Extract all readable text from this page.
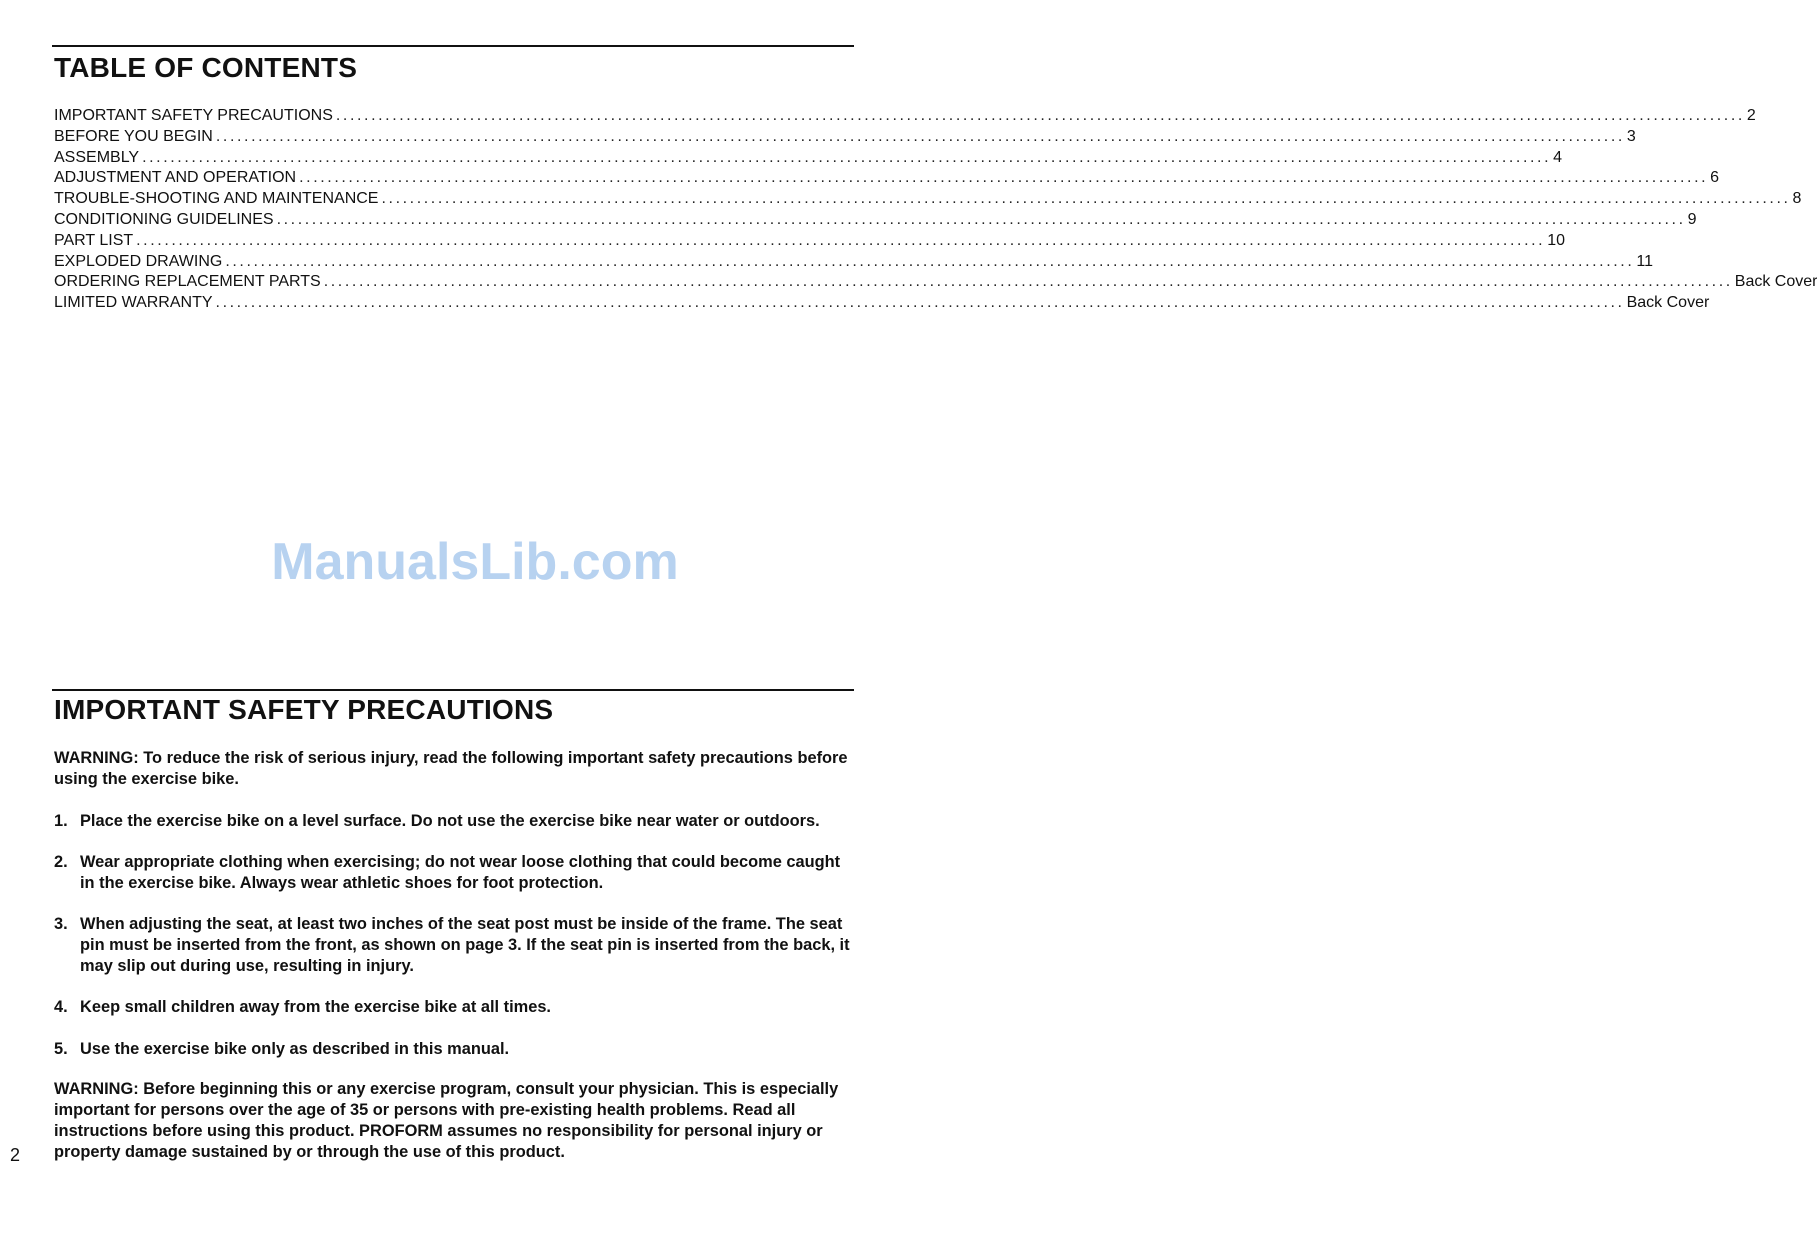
TABLE OF CONTENTS
IMPORTANT SAFETY PRECAUTIONS ........................................................................................................................................................................................................ 2
BEFORE YOU BEGIN ........................................................................................................................................................................................................ 3
ASSEMBLY ........................................................................................................................................................................................................ 4
ADJUSTMENT AND OPERATION ........................................................................................................................................................................................................ 6
TROUBLE-SHOOTING AND MAINTENANCE ........................................................................................................................................................................................................ 8
CONDITIONING GUIDELINES ........................................................................................................................................................................................................ 9
PART LIST ........................................................................................................................................................................................................ 10
EXPLODED DRAWING ........................................................................................................................................................................................................ 11
ORDERING REPLACEMENT PARTS ........................................................................................................................................................................................................ Back Cover
LIMITED WARRANTY ........................................................................................................................................................................................................ Back Cover
ManualsLib.com
IMPORTANT SAFETY PRECAUTIONS

WARNING: To reduce the risk of serious injury, read the following important safety precautions before using the exercise bike.

1. Place the exercise bike on a level surface. Do not use the exercise bike near water or outdoors.
2. Wear appropriate clothing when exercising; do not wear loose clothing that could become caught in the exercise bike. Always wear athletic shoes for foot protection.
3. When adjusting the seat, at least two inches of the seat post must be inside of the frame. The seat pin must be inserted from the front, as shown on page 3. If the seat pin is inserted from the back, it may slip out during use, resulting in injury.
4. Keep small children away from the exercise bike at all times.
5. Use the exercise bike only as described in this manual.

WARNING: Before beginning this or any exercise program, consult your physician. This is especially important for persons over the age of 35 or persons with pre-existing health problems. Read all instructions before using this product. PROFORM assumes no responsibility for personal injury or property damage sustained by or through the use of this product.

2
